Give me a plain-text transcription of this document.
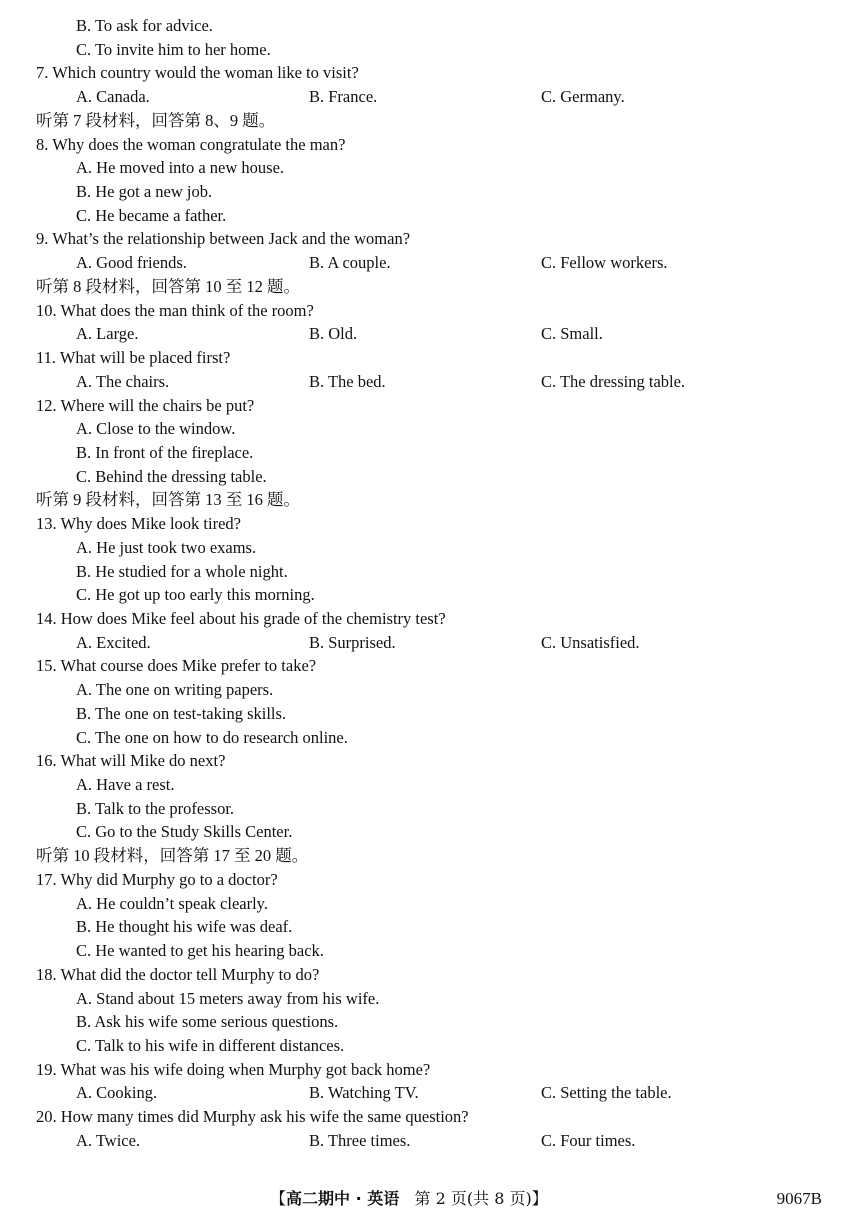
B. To ask for advice.
C. To invite him to her home.
7. Which country would the woman like to visit?
A. Canada.	B. France.	C. Germany.
听第 7 段材料，回答第 8、9 题。
8. Why does the woman congratulate the man?
A. He moved into a new house.
B. He got a new job.
C. He became a father.
9. What’s the relationship between Jack and the woman?
A. Good friends.	B. A couple.	C. Fellow workers.
听第 8 段材料，回答第 10 至 12 题。
10. What does the man think of the room?
A. Large.	B. Old.	C. Small.
11. What will be placed first?
A. The chairs.	B. The bed.	C. The dressing table.
12. Where will the chairs be put?
A. Close to the window.
B. In front of the fireplace.
C. Behind the dressing table.
听第 9 段材料，回答第 13 至 16 题。
13. Why does Mike look tired?
A. He just took two exams.
B. He studied for a whole night.
C. He got up too early this morning.
14. How does Mike feel about his grade of the chemistry test?
A. Excited.	B. Surprised.	C. Unsatisfied.
15. What course does Mike prefer to take?
A. The one on writing papers.
B. The one on test-taking skills.
C. The one on how to do research online.
16. What will Mike do next?
A. Have a rest.
B. Talk to the professor.
C. Go to the Study Skills Center.
听第 10 段材料，回答第 17 至 20 题。
17. Why did Murphy go to a doctor?
A. He couldn’t speak clearly.
B. He thought his wife was deaf.
C. He wanted to get his hearing back.
18. What did the doctor tell Murphy to do?
A. Stand about 15 meters away from his wife.
B. Ask his wife some serious questions.
C. Talk to his wife in different distances.
19. What was his wife doing when Murphy got back home?
A. Cooking.	B. Watching TV.	C. Setting the table.
20. How many times did Murphy ask his wife the same question?
A. Twice.	B. Three times.	C. Four times.
【高二期中 · 英语 第 2 页(共 8 页)】	9067B
